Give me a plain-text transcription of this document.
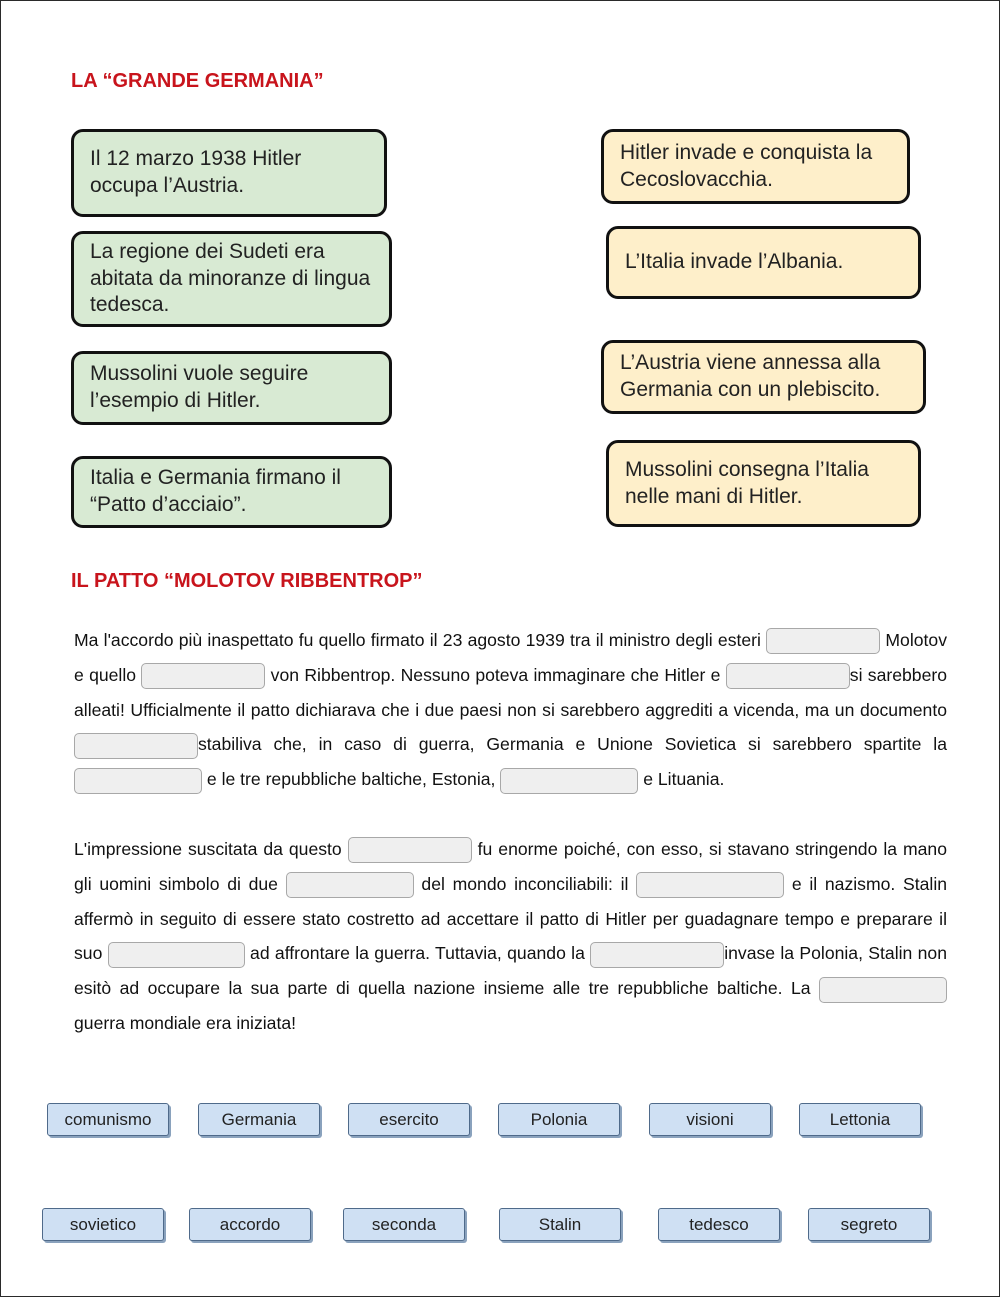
LA “GRANDE GERMANIA”
Il 12 marzo 1938 Hitler occupa l’Austria.
La regione dei Sudeti era abitata da minoranze di lingua tedesca.
Mussolini vuole seguire l’esempio di Hitler.
Italia e Germania firmano il “Patto d’acciaio”.
Hitler invade e conquista la Cecoslovacchia.
L’Italia invade l’Albania.
L’Austria viene annessa alla Germania con un plebiscito.
Mussolini consegna l’Italia nelle mani di Hitler.
IL PATTO “MOLOTOV RIBBENTROP”

Ma l'accordo più inaspettato fu quello firmato il 23 agosto 1939 tra il ministro degli esteri	Molotov e quello	von Ribbentrop. Nessuno poteva immaginare che Hitler e	si sarebbero alleati! Ufficialmente il patto dichiarava che i due paesi non si sarebbero aggrediti a vicenda, ma un documentostabiliva che, in caso di guerra, Germania e Unione Sovietica si sarebbero spartite la  e le tre repubbliche baltiche, Estonia,	e Lituania.

L'impressione suscitata da questo	fu enorme poiché, con esso, si stavano stringendo la mano gli uomini simbolo di due	del mondo inconciliabili: il	e il nazismo. Stalin affermò in seguito di essere stato costretto ad accettare il patto di Hitler per guadagnare tempo e preparare il suo	ad affrontare la guerra. Tuttavia, quando la	invase la Polonia, Stalin non esitò ad occupare la sua parte di quella nazione insieme alle tre repubbliche baltiche. La  guerra mondiale era iniziata!

comunismo	Germania	esercito	Polonia	visioni	Lettonia
sovietico	accordo	seconda	Stalin	tedesco	segreto
